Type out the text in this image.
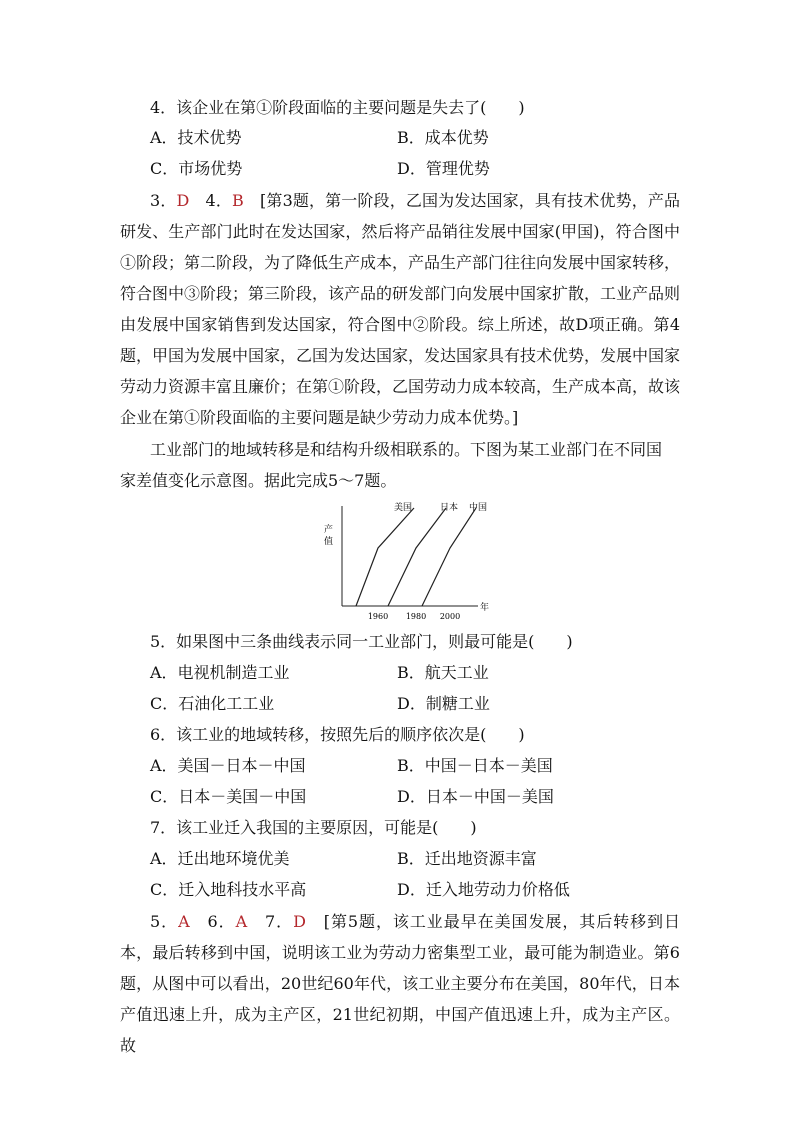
4．该企业在第①阶段面临的主要问题是失去了(　　)
A．技术优势	B．成本优势
C．市场优势	D．管理优势
3．D　4．B　[第3题，第一阶段，乙国为发达国家，具有技术优势，产品研发、生产部门此时在发达国家，然后将产品销往发展中国家(甲国)，符合图中①阶段；第二阶段，为了降低生产成本，产品生产部门往往向发展中国家转移，符合图中③阶段；第三阶段，该产品的研发部门向发展中国家扩散，工业产品则由发展中国家销售到发达国家，符合图中②阶段。综上所述，故D项正确。第4题，甲国为发展中国家，乙国为发达国家，发达国家具有技术优势，发展中国家劳动力资源丰富且廉价；在第①阶段，乙国劳动力成本较高，生产成本高，故该企业在第①阶段面临的主要问题是缺少劳动力成本优势。]
工业部门的地域转移是和结构升级相联系的。下图为某工业部门在不同国
家差值变化示意图。据此完成5～7题。
美国	日本 中国
产
值
年
1960 1980 2000
5．如果图中三条曲线表示同一工业部门，则最可能是(　　)
A．电视机制造工业	B．航天工业
C．石油化工工业	D．制糖工业
6．该工业的地域转移，按照先后的顺序依次是(　　)
A．美国－日本－中国	B．中国－日本－美国
C．日本－美国－中国	D．日本－中国－美国
7．该工业迁入我国的主要原因，可能是(　　)
A．迁出地环境优美	B．迁出地资源丰富
C．迁入地科技水平高	D．迁入地劳动力价格低
5．A　6．A　7．D　[第5题，该工业最早在美国发展，其后转移到日本，最后转移到中国，说明该工业为劳动力密集型工业，最可能为制造业。第6题，从图中可以看出，20世纪60年代，该工业主要分布在美国，80年代，日本产值迅速上升，成为主产区，21世纪初期，中国产值迅速上升，成为主产区。故
